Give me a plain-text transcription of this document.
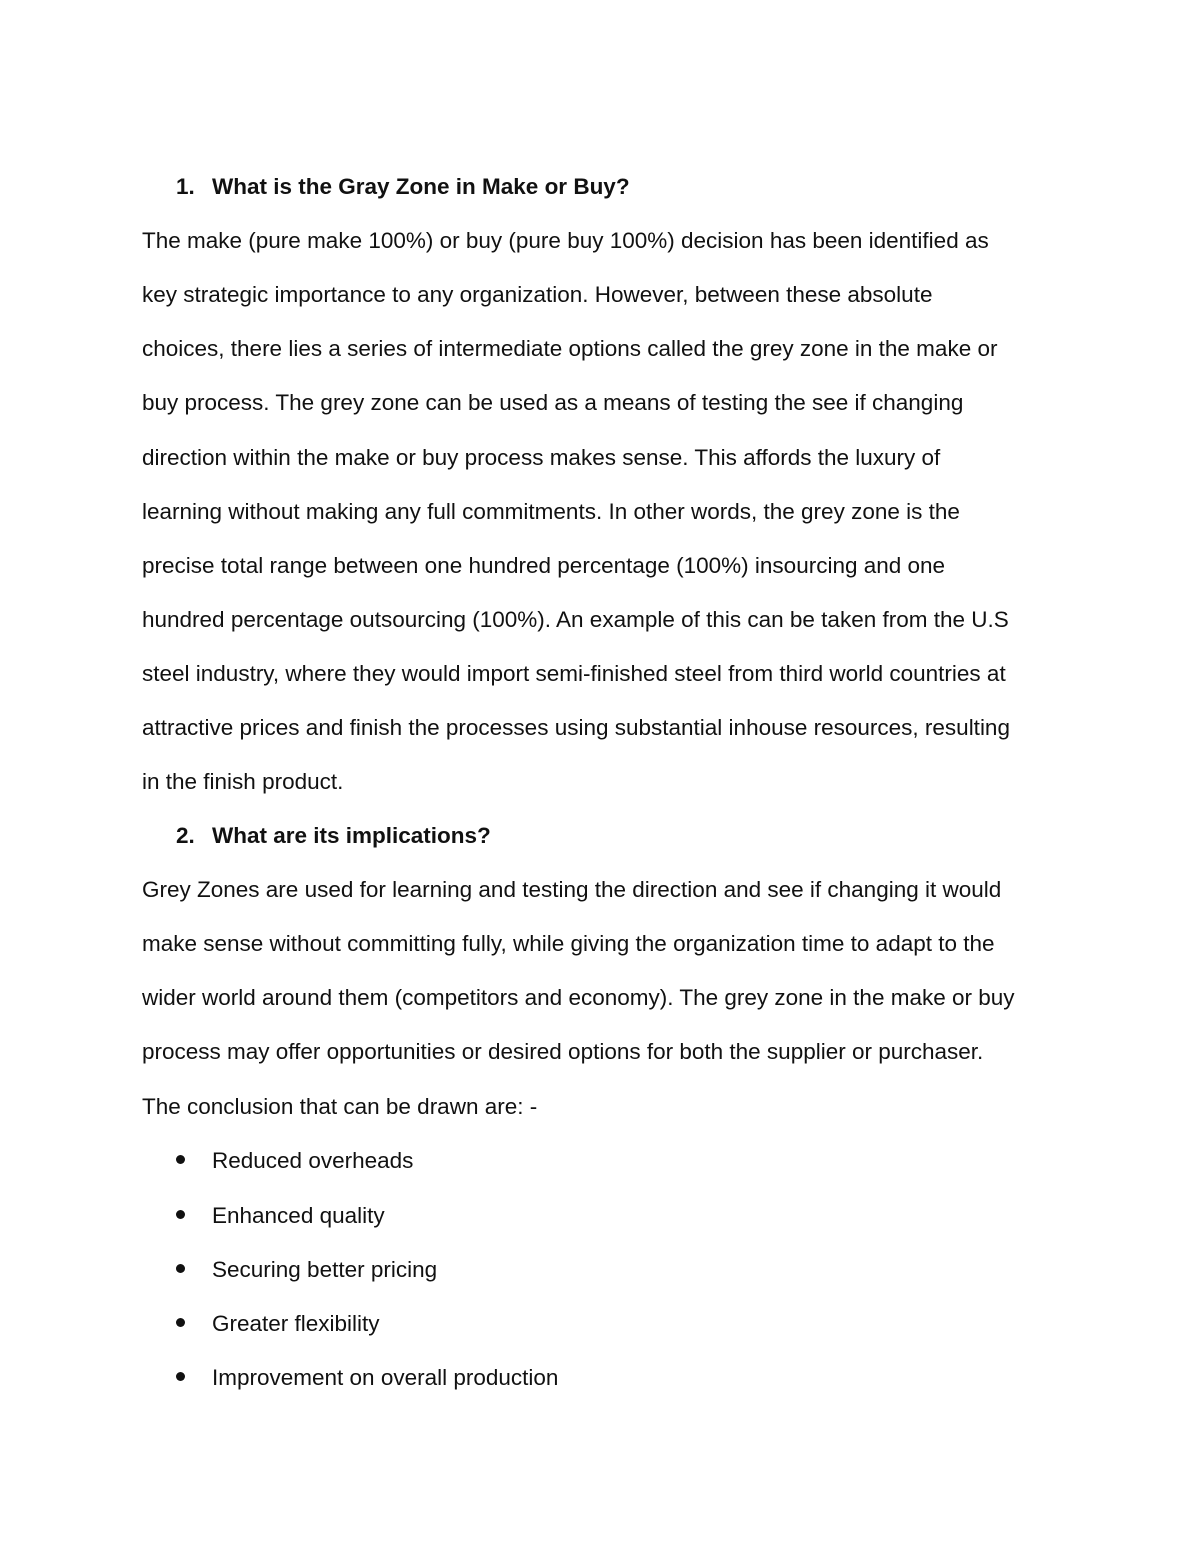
1. What is the Gray Zone in Make or Buy?
The make (pure make 100%) or buy (pure buy 100%) decision has been identified as
key strategic importance to any organization. However, between these absolute
choices, there lies a series of intermediate options called the grey zone in the make or
buy process. The grey zone can be used as a means of testing the see if changing
direction within the make or buy process makes sense. This affords the luxury of
learning without making any full commitments. In other words, the grey zone is the
precise total range between one hundred percentage (100%) insourcing and one
hundred percentage outsourcing (100%). An example of this can be taken from the U.S
steel industry, where they would import semi-finished steel from third world countries at
attractive prices and finish the processes using substantial inhouse resources, resulting
in the finish product.
2. What are its implications?
Grey Zones are used for learning and testing the direction and see if changing it would
make sense without committing fully, while giving the organization time to adapt to the
wider world around them (competitors and economy). The grey zone in the make or buy
process may offer opportunities or desired options for both the supplier or purchaser.
The conclusion that can be drawn are: -
Reduced overheads
Enhanced quality
Securing better pricing
Greater flexibility
Improvement on overall production
